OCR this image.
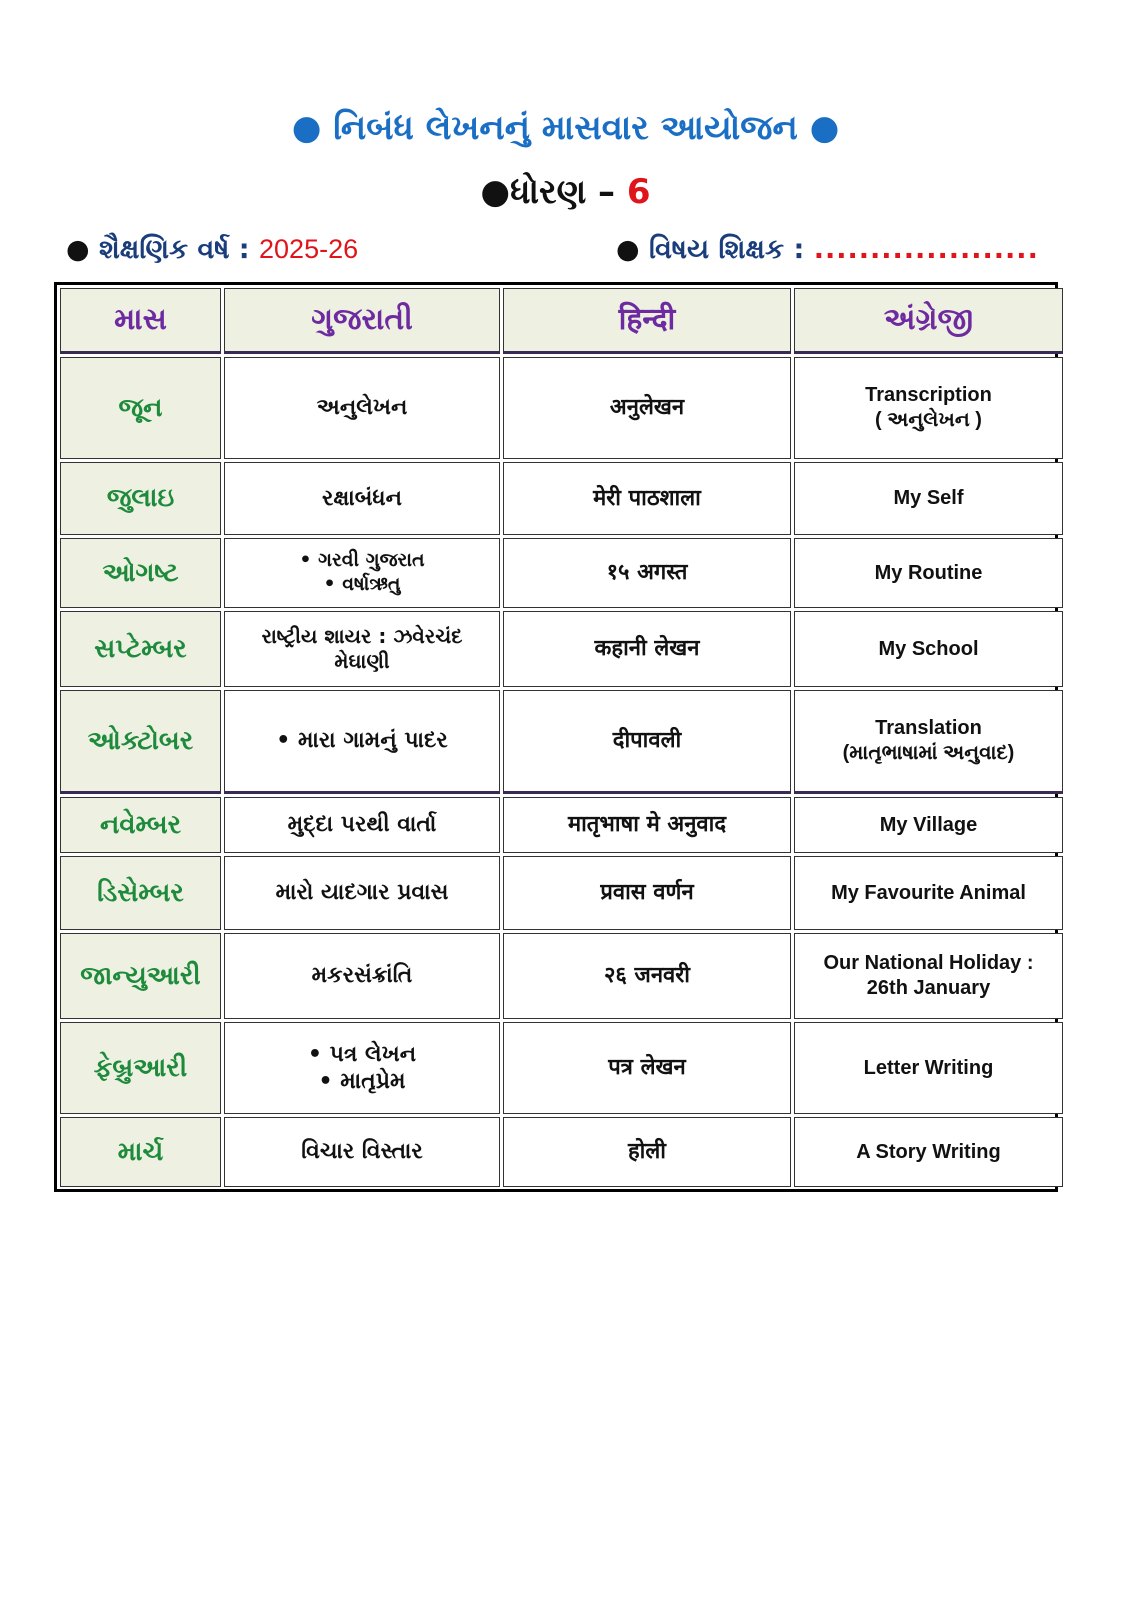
● નિબંધ લેખનનું માસવાર આયોજન ●
●ધોરણ – 6
● શૈક્ષણિક વર્ષ : 2025-26	● વિષય શિક્ષક : ....................
માસ	ગુજરાતી	हिन्दी	અંગ્રેજી
જૂન	અનુલેખન	अनुलेखन	Transcription
( અનુલેખન )

જુલાઇ	રક્ષાબંધન	मेरी पाठशाला	My Self

ઓગષ્ટ	• ગરવી ગુજરાત
• વર્ષાઋતુ	१५ अगस्त	My Routine

સપ્ટેમ્બર	રાષ્ટ્રીય શાયર : ઝવેરચંદ
મેઘાણી	कहानी लेखन	My School

ઓક્ટોબર	• મારા ગામનું પાદર	दीपावली	Translation
(માતૃભાષામાં અનુવાદ)

નવેમ્બર	મુદ્દા પરથી વાર્તા	मातृभाषा मे अनुवाद	My Village

ડિસેમ્બર	મારો યાદગાર પ્રવાસ	प्रवास वर्णन	My Favourite Animal

જાન્યુઆરી	મકરસંક્રાંતિ	२६ जनवरी	Our National Holiday :
26th January

ફેબ્રુઆરી	• પત્ર લેખન
• માતૃપ્રેમ	पत्र लेखन	Letter Writing

માર્ચ	વિચાર વિસ્તાર	होली	A Story Writing
